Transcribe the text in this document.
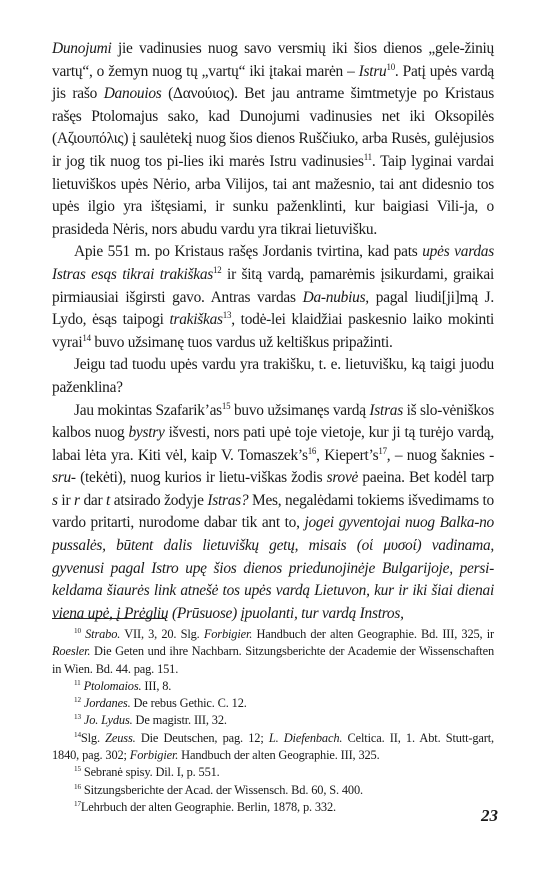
Dunojumi jie vadinusies nuog savo versmių iki šios dienos „gele-žinių vartų“, o žemyn nuog tų „vartų“ iki įtakai marėn – Istru$^{10}$. Patį upės vardą jis rašo Danouios (Δανούιος). Bet jau antrame šimtmetyje po Kristaus rašęs Ptolomajus sako, kad Dunojumi vadinusies net iki Oksopilės (Αζιουπόλις) į saulėtekį nuog šios dienos Ruščiuko, arba Rusės, gulėjusios ir jog tik nuog tos pi-lies iki marės Istru vadinusies$^{11}$. Taip lyginai vardai lietuviškos upės Nėrio, arba Vilijos, tai ant mažesnio, tai ant didesnio tos upės ilgio yra ištęsiami, ir sunku paženklinti, kur baigiasi Vili-ja, o prasideda Nėris, nors abudu vardu yra tikrai lietuvišku.

Apie 551 m. po Kristaus rašęs Jordanis tvirtina, kad pats upės vardas Istras esąs tikrai trakiškas$^{12}$ ir šitą vardą, pamarėmis įsikurdami, graikai pirmiausiai išgirsti gavo. Antras vardas Da-nubius, pagal liudi[ji]mą J. Lydo, ėsąs taipogi trakiškas$^{13}$, todė-lei klaidžiai paskesnio laiko mokinti vyrai$^{14}$ buvo užsimanę tuos vardus už keltiškus pripažinti.

Jeigu tad tuodu upės vardu yra trakišku, t. e. lietuvišku, ką taigi juodu paženklina?

Jau mokintas $Szafarik’as^{15}$ buvo užsimanęs vardą Istras iš slo-vėniškos kalbos nuog bystry išvesti, nors pati upė toje vietoje, kur ji tą turėjo vardą, labai lėta yra. Kiti vėl, kaip V. $Tomaszek’s^{16}$, $Kiepert’s^{17}$, – nuog šaknies -sru- (tekėti), nuog kurios ir lietu-viškas žodis srovė paeina. Bet kodėl tarp s ir r dar t atsirado žodyje Istras? Mes, negalėdami tokiems išvedimams to vardo pritarti, nurodome dabar tik ant to, jogei gyventojai nuog Balka-no pussalės, būtent dalis lietuviškų getų, misais (οἱ μυσοί) vadinama, gyvenusi pagal Istro upę šios dienos priedunojinėje Bulgarijoje, persi-keldama šiaurės link atnešė tos upės vardą Lietuvon, kur ir iki šiai dienai viena upė, į Prėglių (Prūsuose) įpuolanti, tur vardą Instros,

$^{10}$ Strabo. VII, 3, 20. Slg. Forbigier. Handbuch der alten Geographie. Bd. III, 325, ir Roesler. Die Geten und ihre Nachbarn. Sitzungsberichte der Academie der Wissenschaften in Wien. Bd. 44. pag. 151.

$^{11}$ Ptolomaios. III, 8.

$^{12}$ Jordanes. De rebus Gethic. C. 12.

$^{13}$ Jo. Lydus. De magistr. III, 32.

$^{14}$Slg. Zeuss. Die Deutschen, pag. 12; L. Diefenbach. Celtica. II, 1. Abt. Stutt-gart, 1840, pag. 302; Forbigier. Handbuch der alten Geographie. III, 325.

$^{15}$ Sebranė spisy. Dil. I, p. 551.

$^{16}$ Sitzungsberichte der Acad. der Wissensch. Bd. 60, S. 400.

$^{17}$Lehrbuch der alten Geographie. Berlin, 1878, p. 332.	23
